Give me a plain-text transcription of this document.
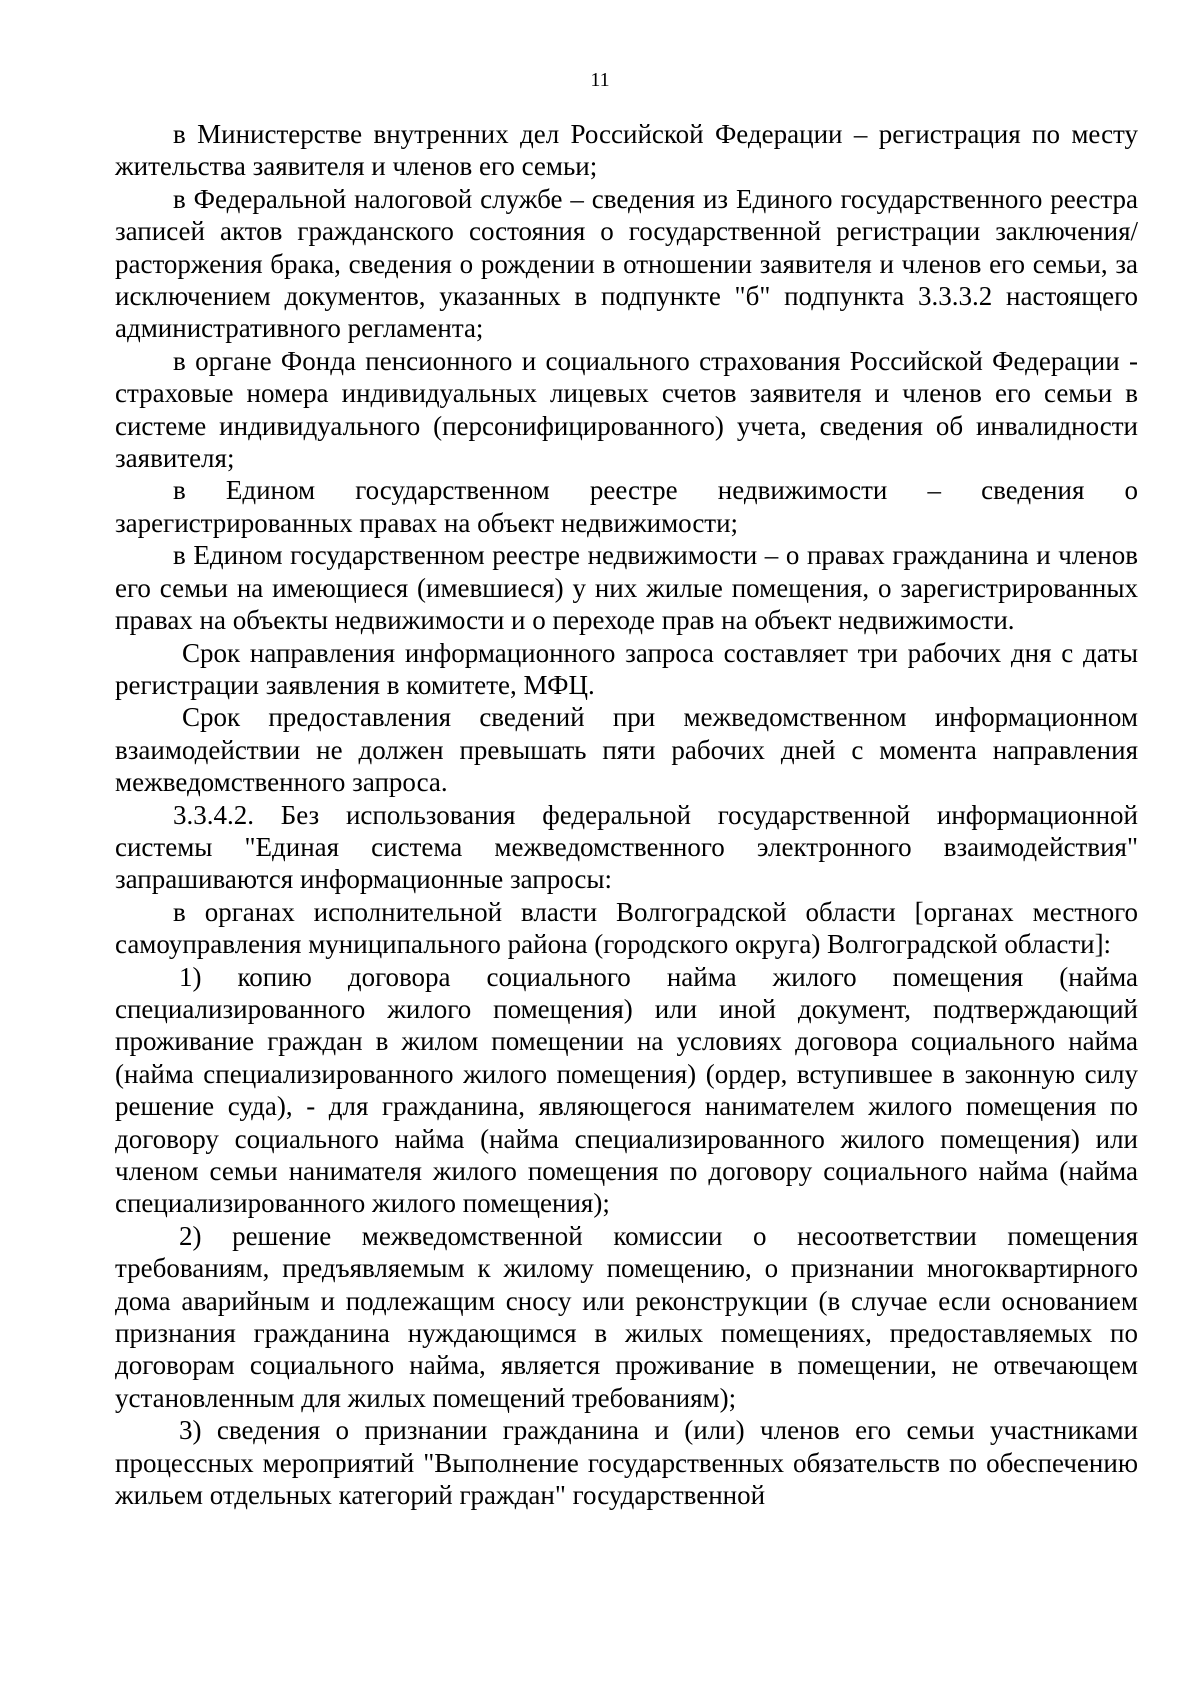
11

в Министерстве внутренних дел Российской Федерации – регистрация по месту жительства заявителя и членов его семьи;

в Федеральной налоговой службе – сведения из Единого государственного реестра записей актов гражданского состояния о государственной регистрации заключения/расторжения брака, сведения о рождении в отношении заявителя и членов его семьи, за исключением документов, указанных в подпункте "б" подпункта 3.3.3.2 настоящего административного регламента;

в органе Фонда пенсионного и социального страхования Российской Федерации - страховые номера индивидуальных лицевых счетов заявителя и членов его семьи в системе индивидуального (персонифицированного) учета, сведения об инвалидности заявителя;

в Едином государственном реестре недвижимости – сведения о зарегистрированных правах на объект недвижимости;

в Едином государственном реестре недвижимости – о правах гражданина и членов его семьи на имеющиеся (имевшиеся) у них жилые помещения, о зарегистрированных правах на объекты недвижимости и о переходе прав на объект недвижимости.

Срок направления информационного запроса составляет три рабочих дня с даты регистрации заявления в комитете, МФЦ.

Срок предоставления сведений при межведомственном информационном взаимодействии не должен превышать пяти рабочих дней с момента направления межведомственного запроса.

3.3.4.2. Без использования федеральной государственной информационной системы "Единая система межведомственного электронного взаимодействия" запрашиваются информационные запросы:

в органах исполнительной власти Волгоградской области [органах местного самоуправления муниципального района (городского округа) Волгоградской области]:

1) копию договора социального найма жилого помещения (найма специализированного жилого помещения) или иной документ, подтверждающий проживание граждан в жилом помещении на условиях договора социального найма (найма специализированного жилого помещения) (ордер, вступившее в законную силу решение суда), - для гражданина, являющегося нанимателем жилого помещения по договору социального найма (найма специализированного жилого помещения) или членом семьи нанимателя жилого помещения по договору социального найма (найма специализированного жилого помещения);

2) решение межведомственной комиссии о несоответствии помещения требованиям, предъявляемым к жилому помещению, о признании многоквартирного дома аварийным и подлежащим сносу или реконструкции (в случае если основанием признания гражданина нуждающимся в жилых помещениях, предоставляемых по договорам социального найма, является проживание в помещении, не отвечающем установленным для жилых помещений требованиям);

3) сведения о признании гражданина и (или) членов его семьи участниками процессных мероприятий "Выполнение государственных обязательств по обеспечению жильем отдельных категорий граждан" государственной
